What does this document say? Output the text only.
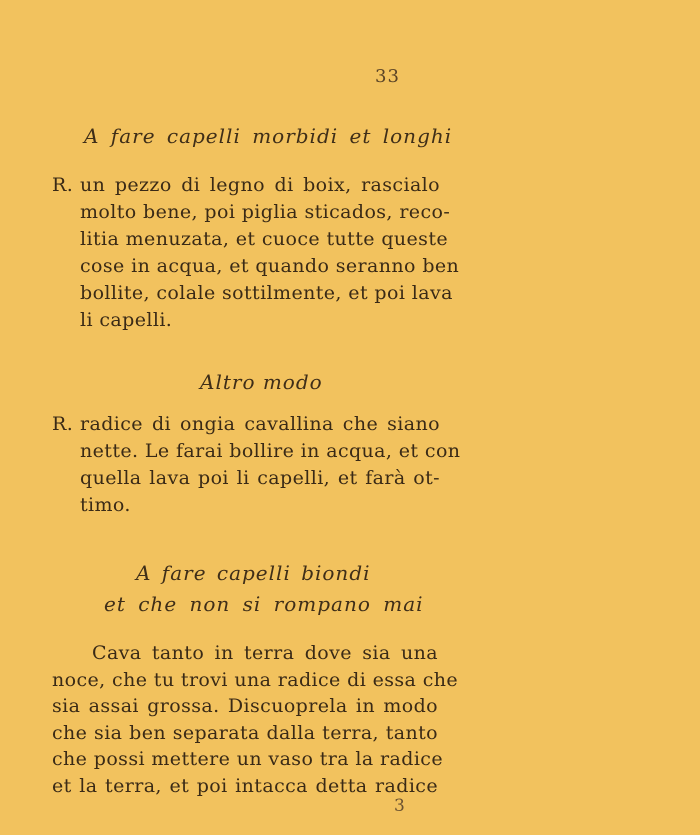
33
A fare capelli morbidi et longhi
R. un pezzo di legno di boix, rascialo
molto bene, poi piglia sticados, reco-
litia menuzata, et cuoce tutte queste
cose in acqua, et quando seranno ben
bollite, colale sottilmente, et poi lava
li capelli.
Altro modo
R. radice di ongia cavallina che siano
nette. Le farai bollire in acqua, et con
quella lava poi li capelli, et farà ot-
timo.
A fare capelli biondi
et che non si rompano mai
Cava tanto in terra dove sia una
noce, che tu trovi una radice di essa che
sia assai grossa. Discuoprela in modo
che sia ben separata dalla terra, tanto
che possi mettere un vaso tra la radice
et la terra, et poi intacca detta radice
3
